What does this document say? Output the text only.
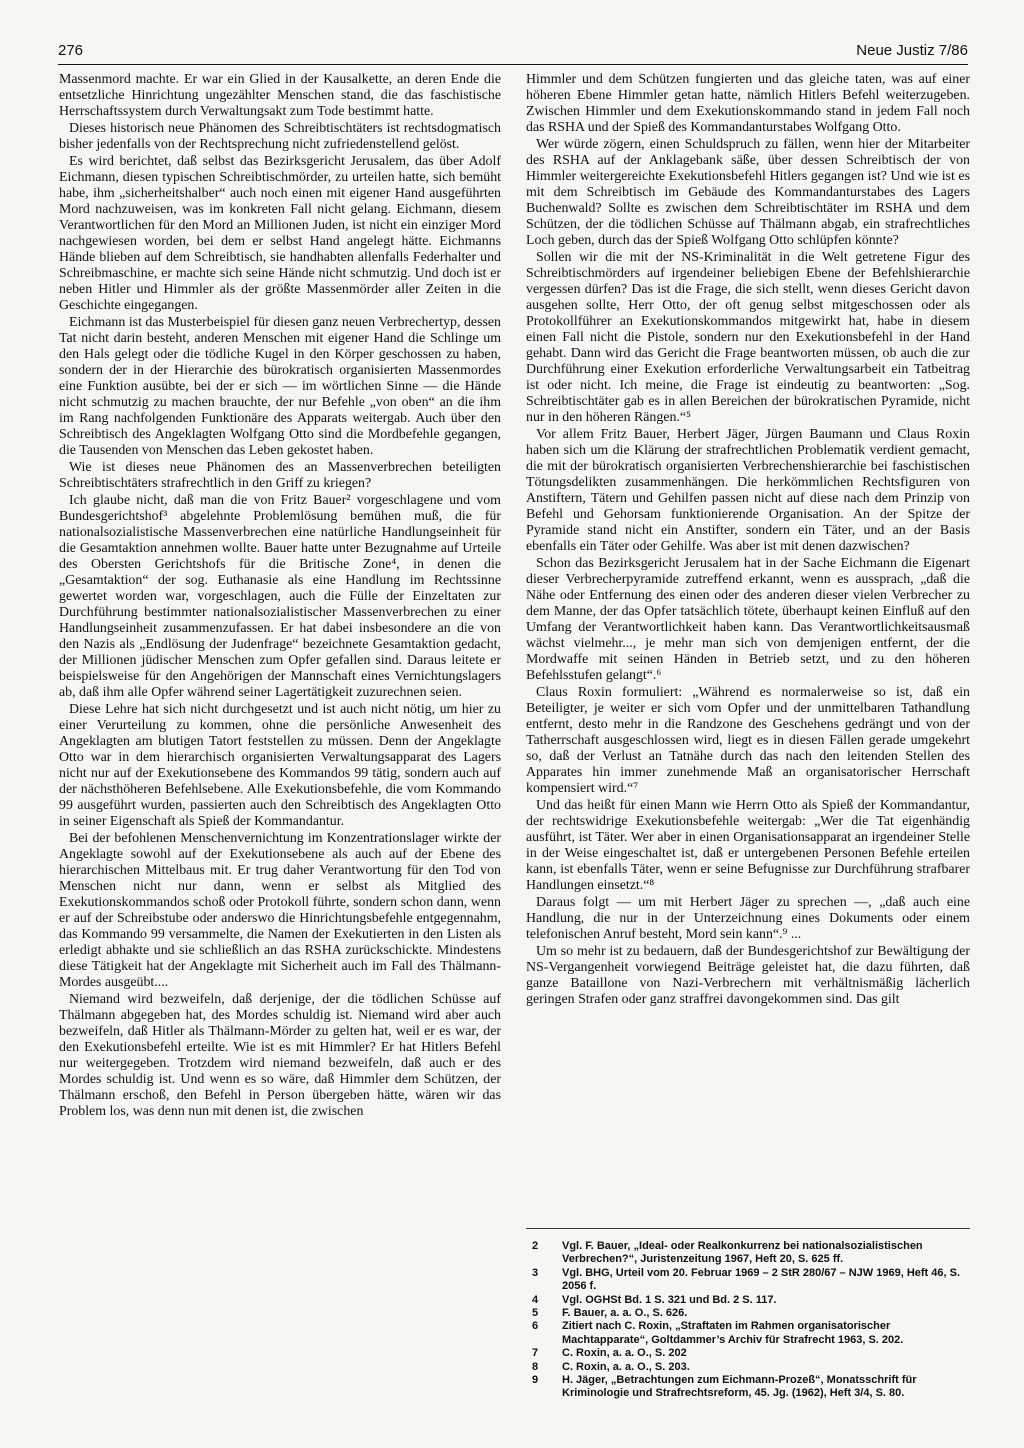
276	Neue Justiz 7/86

Massenmord machte. Er war ein Glied in der Kausalkette, an deren Ende die entsetzliche Hinrichtung ungezählter Menschen stand, die das faschistische Herrschaftssystem durch Verwaltungsakt zum Tode bestimmt hatte.

Dieses historisch neue Phänomen des Schreibtischtäters ist rechtsdogmatisch bisher jedenfalls von der Rechtsprechung nicht zufriedenstellend gelöst.

Es wird berichtet, daß selbst das Bezirksgericht Jerusalem, das über Adolf Eichmann, diesen typischen Schreibtischmörder, zu urteilen hatte, sich bemüht habe, ihm „sicherheitshalber“ auch noch einen mit eigener Hand ausgeführten Mord nachzuweisen, was im konkreten Fall nicht gelang. Eichmann, diesem Verantwortlichen für den Mord an Millionen Juden, ist nicht ein einziger Mord nachgewiesen worden, bei dem er selbst Hand angelegt hätte. Eichmanns Hände blieben auf dem Schreibtisch, sie handhabten allenfalls Federhalter und Schreibmaschine, er machte sich seine Hände nicht schmutzig. Und doch ist er neben Hitler und Himmler als der größte Massenmörder aller Zeiten in die Geschichte eingegangen.

Eichmann ist das Musterbeispiel für diesen ganz neuen Verbrechertyp, dessen Tat nicht darin besteht, anderen Menschen mit eigener Hand die Schlinge um den Hals gelegt oder die tödliche Kugel in den Körper geschossen zu haben, sondern der in der Hierarchie des bürokratisch organisierten Massenmordes eine Funktion ausübte, bei der er sich — im wörtlichen Sinne — die Hände nicht schmutzig zu machen brauchte, der nur Befehle „von oben“ an die ihm im Rang nachfolgenden Funktionäre des Apparats weitergab. Auch über den Schreibtisch des Angeklagten Wolfgang Otto sind die Mordbefehle gegangen, die Tausenden von Menschen das Leben gekostet haben.

Wie ist dieses neue Phänomen des an Massenverbrechen beteiligten Schreibtischtäters strafrechtlich in den Griff zu kriegen?

Ich glaube nicht, daß man die von Fritz Bauer² vorgeschlagene und vom Bundesgerichtshof³ abgelehnte Problemlösung bemühen muß, die für nationalsozialistische Massenverbrechen eine natürliche Handlungseinheit für die Gesamtaktion annehmen wollte. Bauer hatte unter Bezugnahme auf Urteile des Obersten Gerichtshofs für die Britische Zone⁴, in denen die „Gesamtaktion“ der sog. Euthanasie als eine Handlung im Rechtssinne gewertet worden war, vorgeschlagen, auch die Fülle der Einzeltaten zur Durchführung bestimmter nationalsozialistischer Massenverbrechen zu einer Handlungseinheit zusammenzufassen. Er hat dabei insbesondere an die von den Nazis als „Endlösung der Judenfrage“ bezeichnete Gesamtaktion gedacht, der Millionen jüdischer Menschen zum Opfer gefallen sind. Daraus leitete er beispielsweise für den Angehörigen der Mannschaft eines Vernichtungslagers ab, daß ihm alle Opfer während seiner Lagertätigkeit zuzurechnen seien.

Diese Lehre hat sich nicht durchgesetzt und ist auch nicht nötig, um hier zu einer Verurteilung zu kommen, ohne die persönliche Anwesenheit des Angeklagten am blutigen Tatort feststellen zu müssen. Denn der Angeklagte Otto war in dem hierarchisch organisierten Verwaltungsapparat des Lagers nicht nur auf der Exekutionsebene des Kommandos 99 tätig, sondern auch auf der nächsthöheren Befehlsebene. Alle Exekutionsbefehle, die vom Kommando 99 ausgeführt wurden, passierten auch den Schreibtisch des Angeklagten Otto in seiner Eigenschaft als Spieß der Kommandantur.

Bei der befohlenen Menschenvernichtung im Konzentrationslager wirkte der Angeklagte sowohl auf der Exekutionsebene als auch auf der Ebene des hierarchischen Mittelbaus mit. Er trug daher Verantwortung für den Tod von Menschen nicht nur dann, wenn er selbst als Mitglied des Exekutionskommandos schoß oder Protokoll führte, sondern schon dann, wenn er auf der Schreibstube oder anderswo die Hinrichtungsbefehle entgegennahm, das Kommando 99 versammelte, die Namen der Exekutierten in den Listen als erledigt abhakte und sie schließlich an das RSHA zurückschickte. Mindestens diese Tätigkeit hat der Angeklagte mit Sicherheit auch im Fall des Thälmann-Mordes ausgeübt....

Niemand wird bezweifeln, daß derjenige, der die tödlichen Schüsse auf Thälmann abgegeben hat, des Mordes schuldig ist. Niemand wird aber auch bezweifeln, daß Hitler als Thälmann-Mörder zu gelten hat, weil er es war, der den Exekutionsbefehl erteilte. Wie ist es mit Himmler? Er hat Hitlers Befehl nur weitergegeben. Trotzdem wird niemand bezweifeln, daß auch er des Mordes schuldig ist. Und wenn es so wäre, daß Himmler dem Schützen, der Thälmann erschoß, den Befehl in Person übergeben hätte, wären wir das Problem los, was denn nun mit denen ist, die zwischen

Himmler und dem Schützen fungierten und das gleiche taten, was auf einer höheren Ebene Himmler getan hatte, nämlich Hitlers Befehl weiterzugeben. Zwischen Himmler und dem Exekutionskommando stand in jedem Fall noch das RSHA und der Spieß des Kommandanturstabes Wolfgang Otto.

Wer würde zögern, einen Schuldspruch zu fällen, wenn hier der Mitarbeiter des RSHA auf der Anklagebank säße, über dessen Schreibtisch der von Himmler weitergereichte Exekutionsbefehl Hitlers gegangen ist? Und wie ist es mit dem Schreibtisch im Gebäude des Kommandanturstabes des Lagers Buchenwald? Sollte es zwischen dem Schreibtischtäter im RSHA und dem Schützen, der die tödlichen Schüsse auf Thälmann abgab, ein strafrechtliches Loch geben, durch das der Spieß Wolfgang Otto schlüpfen könnte?

Sollen wir die mit der NS-Kriminalität in die Welt getretene Figur des Schreibtischmörders auf irgendeiner beliebigen Ebene der Befehlshierarchie vergessen dürfen? Das ist die Frage, die sich stellt, wenn dieses Gericht davon ausgehen sollte, Herr Otto, der oft genug selbst mitgeschossen oder als Protokollführer an Exekutionskommandos mitgewirkt hat, habe in diesem einen Fall nicht die Pistole, sondern nur den Exekutionsbefehl in der Hand gehabt. Dann wird das Gericht die Frage beantworten müssen, ob auch die zur Durchführung einer Exekution erforderliche Verwaltungsarbeit ein Tatbeitrag ist oder nicht. Ich meine, die Frage ist eindeutig zu beantworten: „Sog. Schreibtischtäter gab es in allen Bereichen der bürokratischen Pyramide, nicht nur in den höheren Rängen.“⁵

Vor allem Fritz Bauer, Herbert Jäger, Jürgen Baumann und Claus Roxin haben sich um die Klärung der strafrechtlichen Problematik verdient gemacht, die mit der bürokratisch organisierten Verbrechenshierarchie bei faschistischen Tötungsdelikten zusammenhängen. Die herkömmlichen Rechtsfiguren von Anstiftern, Tätern und Gehilfen passen nicht auf diese nach dem Prinzip von Befehl und Gehorsam funktionierende Organisation. An der Spitze der Pyramide stand nicht ein Anstifter, sondern ein Täter, und an der Basis ebenfalls ein Täter oder Gehilfe. Was aber ist mit denen dazwischen?

Schon das Bezirksgericht Jerusalem hat in der Sache Eichmann die Eigenart dieser Verbrecherpyramide zutreffend erkannt, wenn es aussprach, „daß die Nähe oder Entfernung des einen oder des anderen dieser vielen Verbrecher zu dem Manne, der das Opfer tatsächlich tötete, überhaupt keinen Einfluß auf den Umfang der Verantwortlichkeit haben kann. Das Verantwortlichkeitsausmaß wächst vielmehr..., je mehr man sich von demjenigen entfernt, der die Mordwaffe mit seinen Händen in Betrieb setzt, und zu den höheren Befehlsstufen gelangt“.⁶

Claus Roxin formuliert: „Während es normalerweise so ist, daß ein Beteiligter, je weiter er sich vom Opfer und der unmittelbaren Tathandlung entfernt, desto mehr in die Randzone des Geschehens gedrängt und von der Tatherrschaft ausgeschlossen wird, liegt es in diesen Fällen gerade umgekehrt so, daß der Verlust an Tatnähe durch das nach den leitenden Stellen des Apparates hin immer zunehmende Maß an organisatorischer Herrschaft kompensiert wird.“⁷

Und das heißt für einen Mann wie Herrn Otto als Spieß der Kommandantur, der rechtswidrige Exekutionsbefehle weitergab: „Wer die Tat eigenhändig ausführt, ist Täter. Wer aber in einen Organisationsapparat an irgendeiner Stelle in der Weise eingeschaltet ist, daß er untergebenen Personen Befehle erteilen kann, ist ebenfalls Täter, wenn er seine Befugnisse zur Durchführung strafbarer Handlungen einsetzt.“⁸

Daraus folgt — um mit Herbert Jäger zu sprechen —, „daß auch eine Handlung, die nur in der Unterzeichnung eines Dokuments oder einem telefonischen Anruf besteht, Mord sein kann“.⁹ ...

Um so mehr ist zu bedauern, daß der Bundesgerichtshof zur Bewältigung der NS-Vergangenheit vorwiegend Beiträge geleistet hat, die dazu führten, daß ganze Bataillone von Nazi-Verbrechern mit verhältnismäßig lächerlich geringen Strafen oder ganz straffrei davongekommen sind. Das gilt

2 Vgl. F. Bauer, „Ideal- oder Realkonkurrenz bei nationalsozialistischen Verbrechen?“, Juristenzeitung 1967, Heft 20, S. 625 ff.

3 Vgl. BHG, Urteil vom 20. Februar 1969 – 2 StR 280/67 – NJW 1969, Heft 46, S. 2056 f.

4 Vgl. OGHSt Bd. 1 S. 321 und Bd. 2 S. 117.

5 F. Bauer, a. a. O., S. 626.

6 Zitiert nach C. Roxin, „Straftaten im Rahmen organisatorischer Machtapparate“, Goltdammer’s Archiv für Strafrecht 1963, S. 202.

7 C. Roxin, a. a. O., S. 202

8 C. Roxin, a. a. O., S. 203.

9 H. Jäger, „Betrachtungen zum Eichmann-Prozeß“, Monatsschrift für Kriminologie und Strafrechtsreform, 45. Jg. (1962), Heft 3/4, S. 80.
